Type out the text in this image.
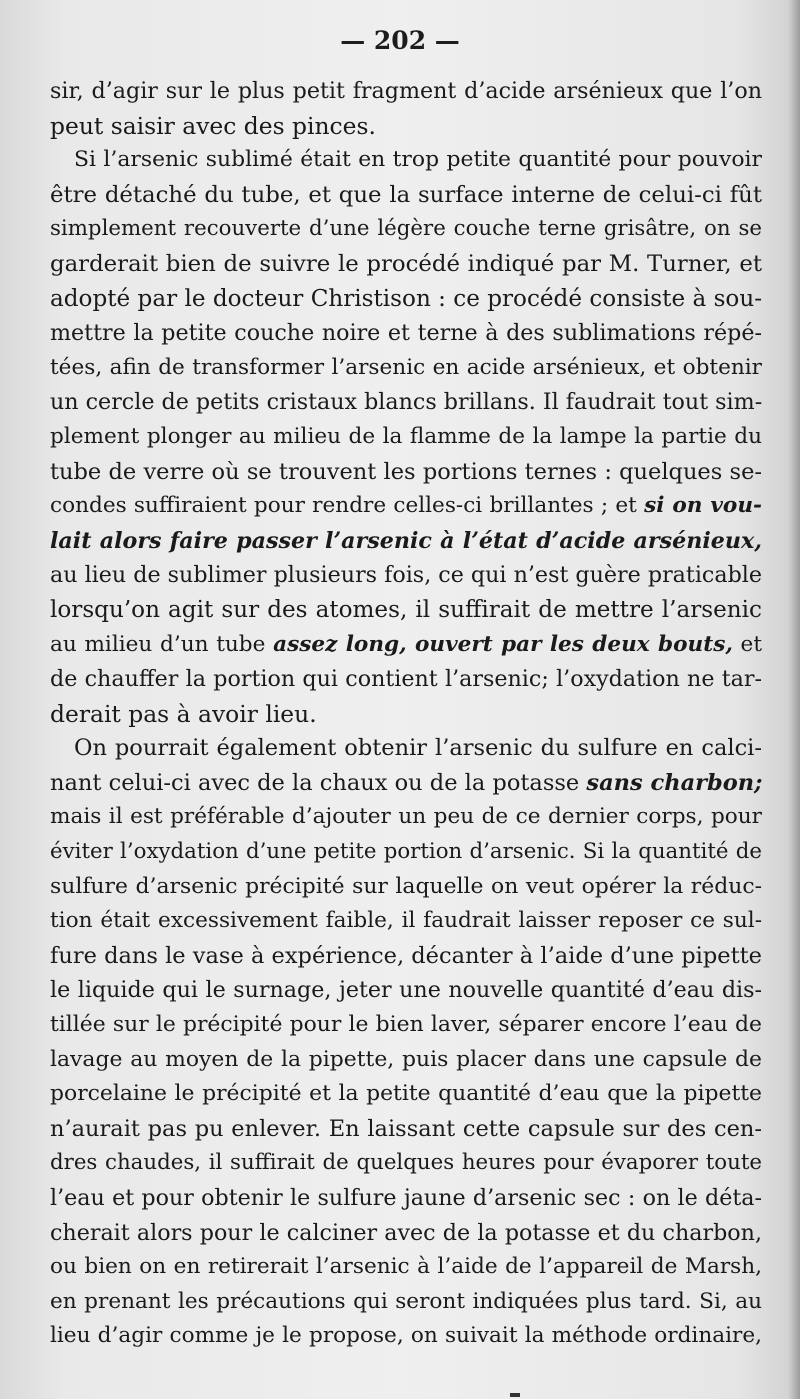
— 202 —
sir, d’agir sur le plus petit fragment d’acide arsénieux que l’on
peut saisir avec des pinces.
Si l’arsenic sublimé était en trop petite quantité pour pouvoir
être détaché du tube, et que la surface interne de celui-ci fût
simplement recouverte d’une légère couche terne grisâtre, on se
garderait bien de suivre le procédé indiqué par M. Turner, et
adopté par le docteur Christison : ce procédé consiste à sou-
mettre la petite couche noire et terne à des sublimations répé-
tées, afin de transformer l’arsenic en acide arsénieux, et obtenir
un cercle de petits cristaux blancs brillans. Il faudrait tout sim-
plement plonger au milieu de la flamme de la lampe la partie du
tube de verre où se trouvent les portions ternes : quelques se-
condes suffiraient pour rendre celles-ci brillantes ; et si on vou-
lait alors faire passer l’arsenic à l’état d’acide arsénieux,
au lieu de sublimer plusieurs fois, ce qui n’est guère praticable
lorsqu’on agit sur des atomes, il suffirait de mettre l’arsenic
au milieu d’un tube assez long, ouvert par les deux bouts, et
de chauffer la portion qui contient l’arsenic; l’oxydation ne tar-
derait pas à avoir lieu.
On pourrait également obtenir l’arsenic du sulfure en calci-
nant celui-ci avec de la chaux ou de la potasse sans charbon;
mais il est préférable d’ajouter un peu de ce dernier corps, pour
éviter l’oxydation d’une petite portion d’arsenic. Si la quantité de
sulfure d’arsenic précipité sur laquelle on veut opérer la réduc-
tion était excessivement faible, il faudrait laisser reposer ce sul-
fure dans le vase à expérience, décanter à l’aide d’une pipette
le liquide qui le surnage, jeter une nouvelle quantité d’eau dis-
tillée sur le précipité pour le bien laver, séparer encore l’eau de
lavage au moyen de la pipette, puis placer dans une capsule de
porcelaine le précipité et la petite quantité d’eau que la pipette
n’aurait pas pu enlever. En laissant cette capsule sur des cen-
dres chaudes, il suffirait de quelques heures pour évaporer toute
l’eau et pour obtenir le sulfure jaune d’arsenic sec : on le déta-
cherait alors pour le calciner avec de la potasse et du charbon,
ou bien on en retirerait l’arsenic à l’aide de l’appareil de Marsh,
en prenant les précautions qui seront indiquées plus tard. Si, au
lieu d’agir comme je le propose, on suivait la méthode ordinaire,
